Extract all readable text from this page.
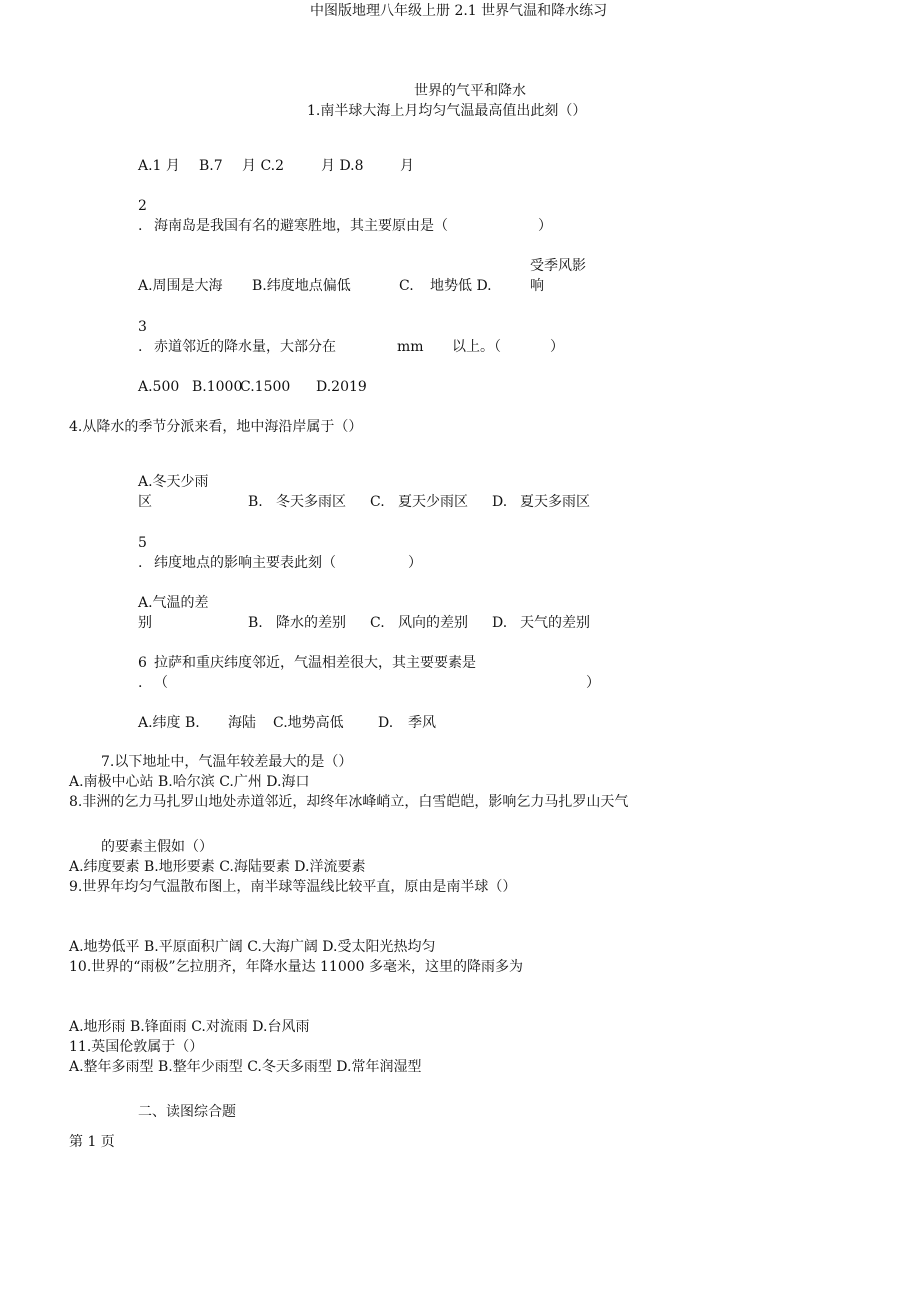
中图版地理八年级上册 2.1 世界气温和降水练习
世界的气平和降水
1.南半球大海上月均匀气温最高值出此刻（）
A.1 月 B.7 月 C.2	月 D.8	月
2
. 海南岛是我国有名的避寒胜地，其主要原由是（	）
受季风影
A.周围是大海 B.纬度地点偏低	C. 地势低 D.	响
3
. 赤道邻近的降水量，大部分在	mm 以上。（	）
A.500 B.1000
C.1500 D.2019
4.从降水的季节分派来看，地中海沿岸属于（）
A.冬天少雨
区	B. 冬天多雨区 C. 夏天少雨区 D. 夏天多雨区
5
. 纬度地点的影响主要表此刻（	）
A.气温的差
别	B. 降水的差别 C. 风向的差别 D. 天气的差别
6 拉萨和重庆纬度邻近，气温相差很大，其主要要素是
. （	）
A.纬度 B. 海陆 C.地势高低 D. 季风
7.以下地址中，气温年较差最大的是（）
A.南极中心站 B.哈尔滨 C.广州 D.海口
8.非洲的乞力马扎罗山地处赤道邻近，却终年冰峰峭立，白雪皑皑，影响乞力马扎罗山天气
的要素主假如（）
A.纬度要素 B.地形要素 C.海陆要素 D.洋流要素
9.世界年均匀气温散布图上，南半球等温线比较平直，原由是南半球（）
A.地势低平 B.平原面积广阔 C.大海广阔 D.受太阳光热均匀
10.世界的“雨极”乞拉朋齐，年降水量达 11000 多毫米，这里的降雨多为
A.地形雨 B.锋面雨 C.对流雨 D.台风雨
11.英国伦敦属于（）
A.整年多雨型 B.整年少雨型 C.冬天多雨型 D.常年润湿型
二、读图综合题
第 1 页
